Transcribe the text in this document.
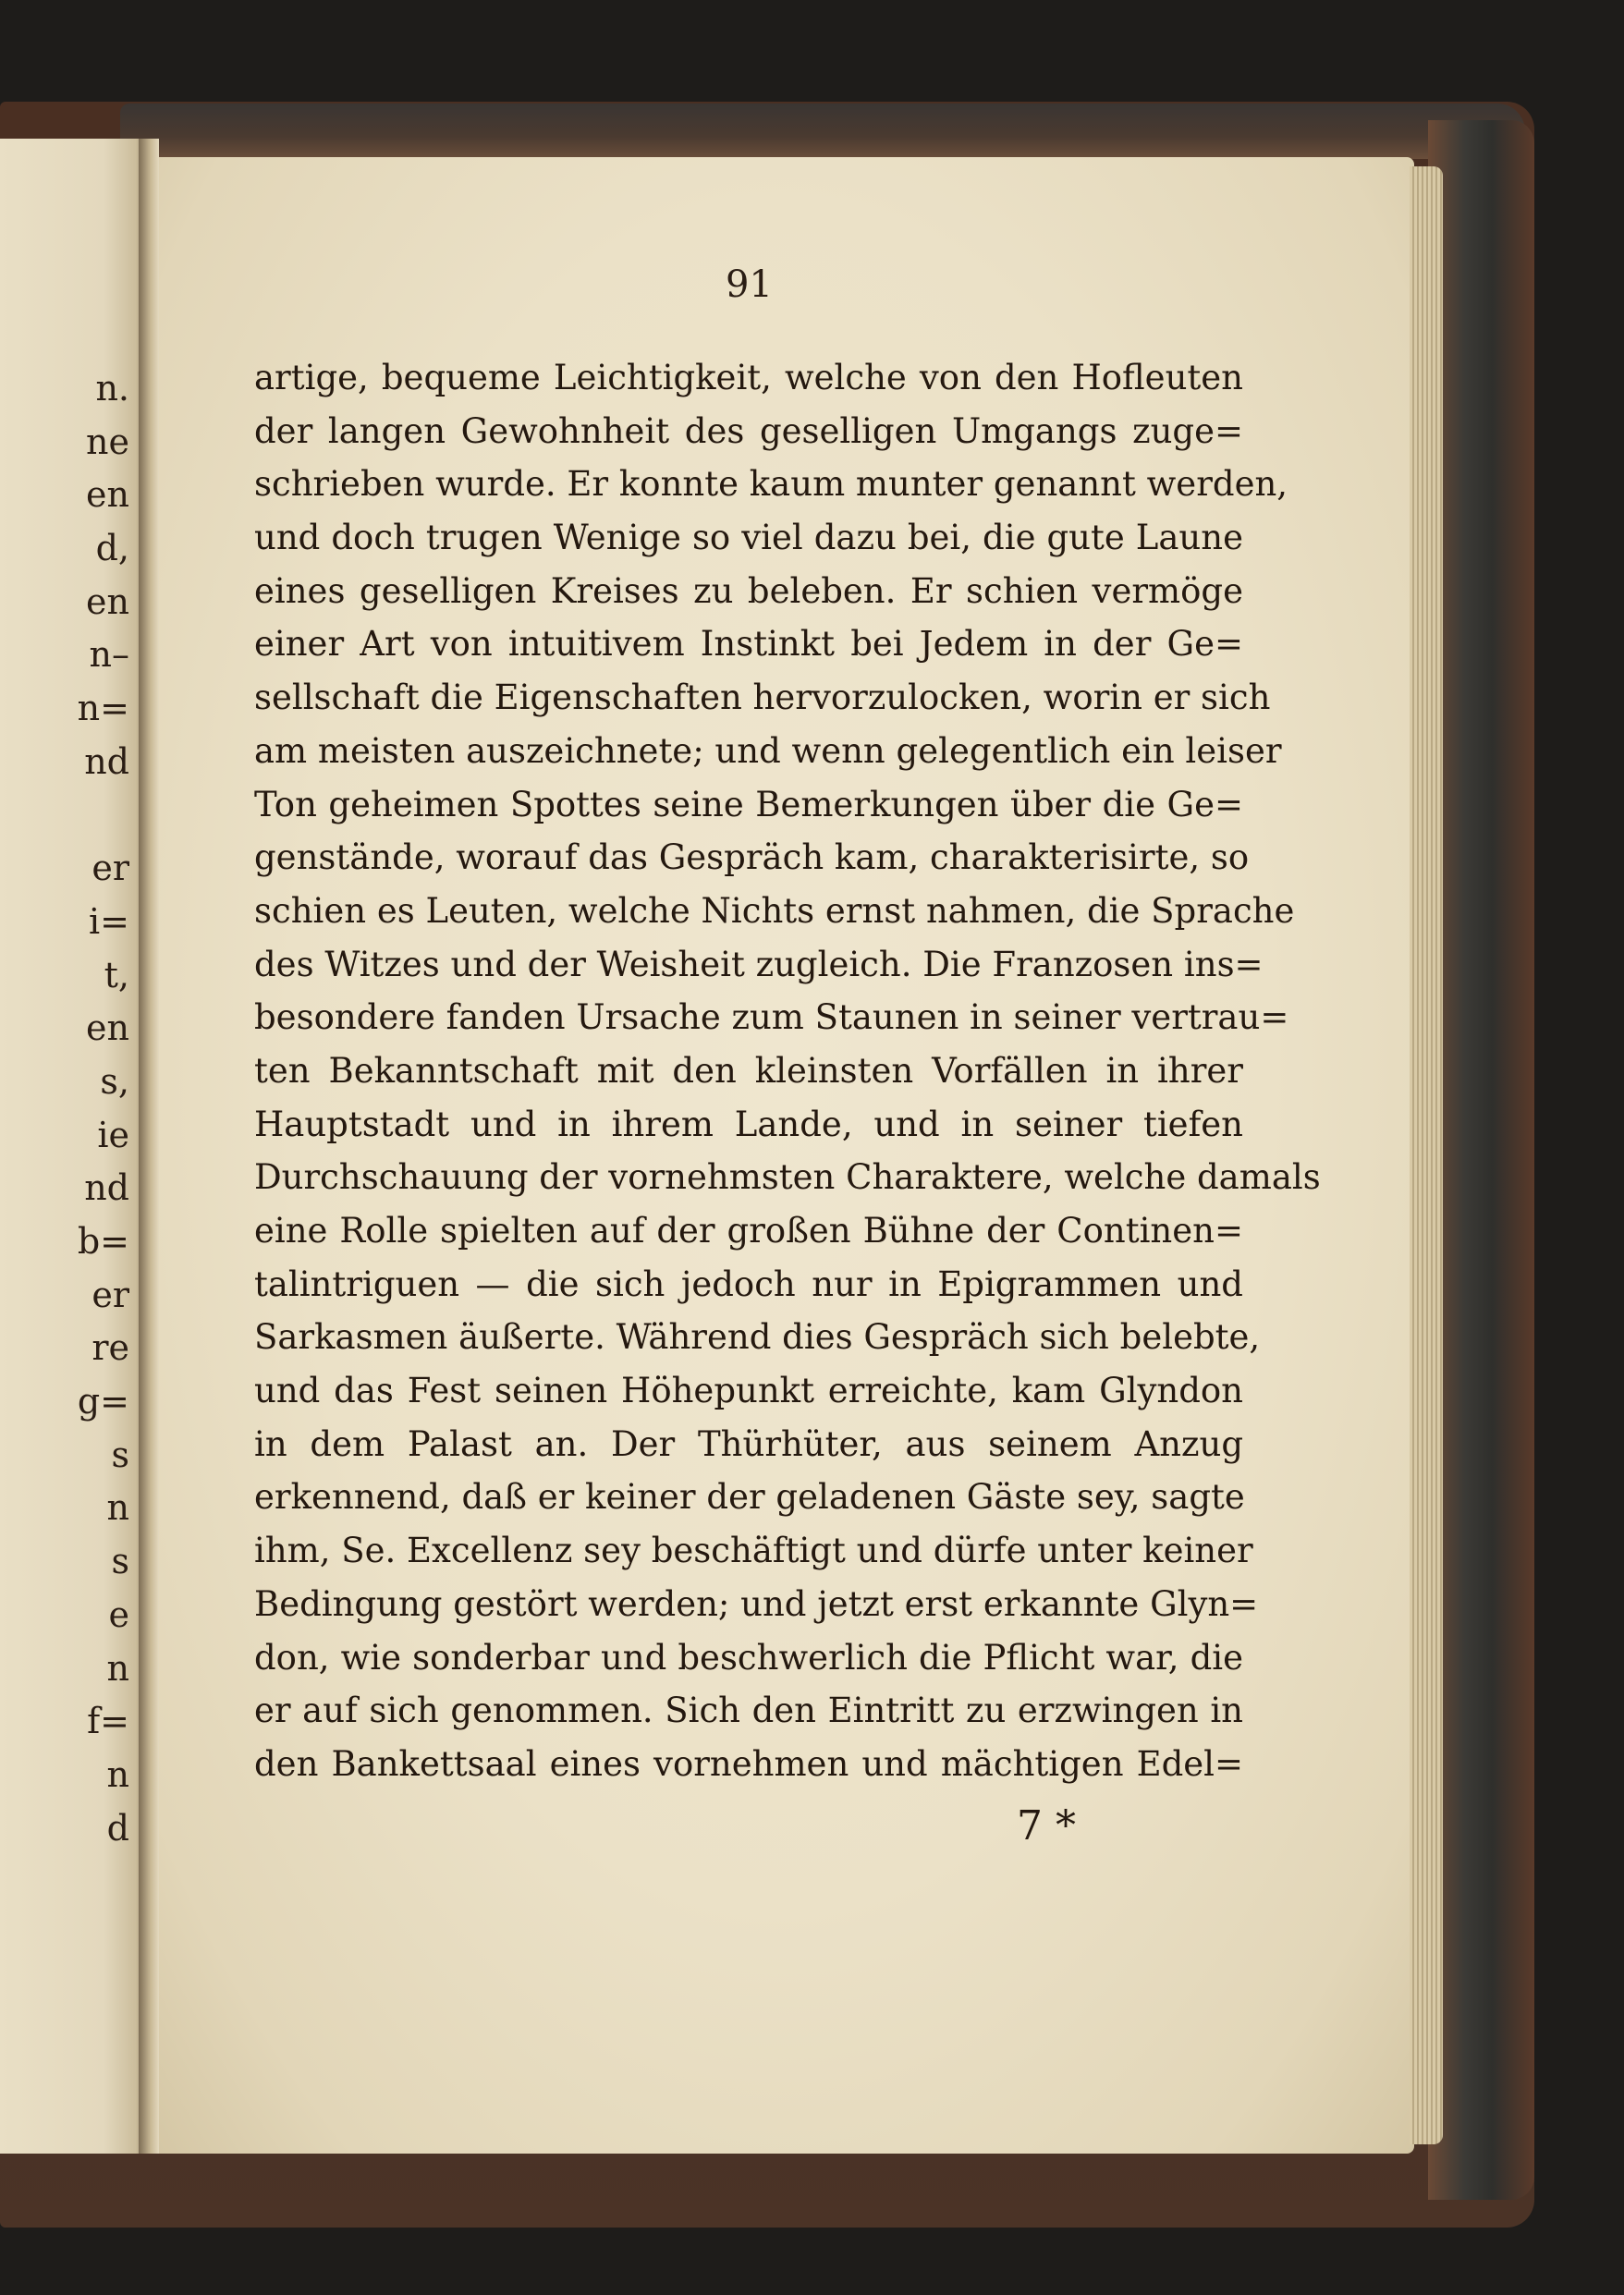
n.
ne
en
d,
en
n–
n=
nd
er
i=
t,
en
s,
ie
nd
b=
er
re
g=
s
n
s
e
n
f=
n
d
91
artige, bequeme Leichtigkeit, welche von den Hofleuten
der langen Gewohnheit des geselligen Umgangs zuge=
schrieben wurde. Er konnte kaum munter genannt werden,
und doch trugen Wenige so viel dazu bei, die gute Laune
eines geselligen Kreises zu beleben. Er schien vermöge
einer Art von intuitivem Instinkt bei Jedem in der Ge=
sellschaft die Eigenschaften hervorzulocken, worin er sich
am meisten auszeichnete; und wenn gelegentlich ein leiser
Ton geheimen Spottes seine Bemerkungen über die Ge=
genstände, worauf das Gespräch kam, charakterisirte, so
schien es Leuten, welche Nichts ernst nahmen, die Sprache
des Witzes und der Weisheit zugleich. Die Franzosen ins=
besondere fanden Ursache zum Staunen in seiner vertrau=
ten Bekanntschaft mit den kleinsten Vorfällen in ihrer
Hauptstadt und in ihrem Lande, und in seiner tiefen
Durchschauung der vornehmsten Charaktere, welche damals
eine Rolle spielten auf der großen Bühne der Continen=
talintriguen — die sich jedoch nur in Epigrammen und
Sarkasmen äußerte. Während dies Gespräch sich belebte,
und das Fest seinen Höhepunkt erreichte, kam Glyndon
in dem Palast an. Der Thürhüter, aus seinem Anzug
erkennend, daß er keiner der geladenen Gäste sey, sagte
ihm, Se. Excellenz sey beschäftigt und dürfe unter keiner
Bedingung gestört werden; und jetzt erst erkannte Glyn=
don, wie sonderbar und beschwerlich die Pflicht war, die
er auf sich genommen. Sich den Eintritt zu erzwingen in
den Bankettsaal eines vornehmen und mächtigen Edel=
7 *
